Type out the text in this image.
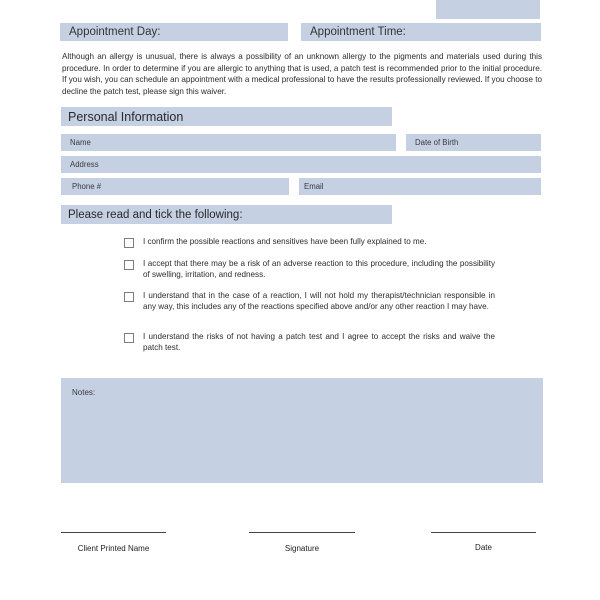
Appointment Day:	Appointment Time:

Although an allergy is unusual, there is always a possibility of an unknown allergy to the pigments and materials used during this procedure. In order to determine if you are allergic to anything that is used, a patch test is recommended prior to the initial procedure. If you wish, you can schedule an appointment with a medical professional to have the results professionally reviewed. If you choose to decline the patch test, please sign this waiver.

Personal Information
Name	Date of Birth
Address
Phone #	Email
Please read and tick the following:
I confirm the possible reactions and sensitives have been fully explained to me.
I accept that there may be a risk of an adverse reaction to this procedure, including the possibility of swelling, irritation, and redness.
I understand that in the case of a reaction, I will not hold my therapist/technician responsible in any way, this includes any of the reactions specified above and/or any other reaction I may have.
I understand the risks of not having a patch test and I agree to accept the risks and waive the patch test.
Notes:
Client Printed Name	Signature	Date
